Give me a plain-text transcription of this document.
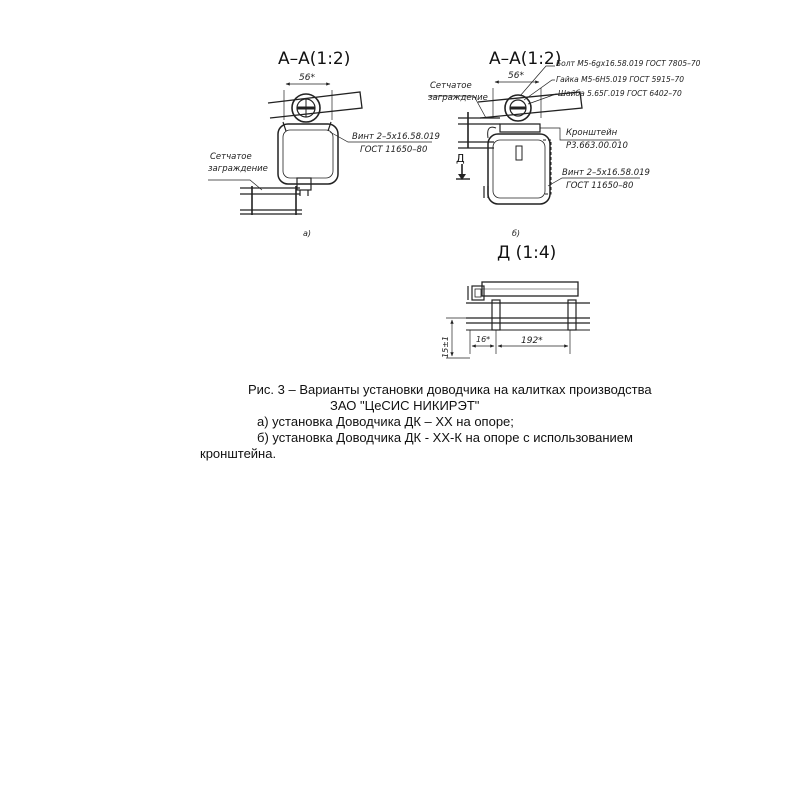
А–А(1:2)
56*
Сетчатое
заграждение
Винт 2–5х16.58.019
ГОСТ 11650–80
а)
А–А(1:2)
56*
Д
Болт М5-6gх16.58.019 ГОСТ 7805–70
Гайка М5-6Н5.019 ГОСТ 5915–70
Шайба 5.65Г.019 ГОСТ 6402–70
Кронштейн
Р3.663.00.010
Винт 2–5х16.58.019
ГОСТ 11650–80
Сетчатое
заграждение
б)
Д (1:4)
16*	192*
15±1
Рис. 3 – Варианты установки доводчика на калитках производства
ЗАО "ЦеСИС НИКИРЭТ"
а) установка Доводчика ДК – ХХ на опоре;
б) установка Доводчика ДК - ХХ-К на опоре с использованием
кронштейна.
